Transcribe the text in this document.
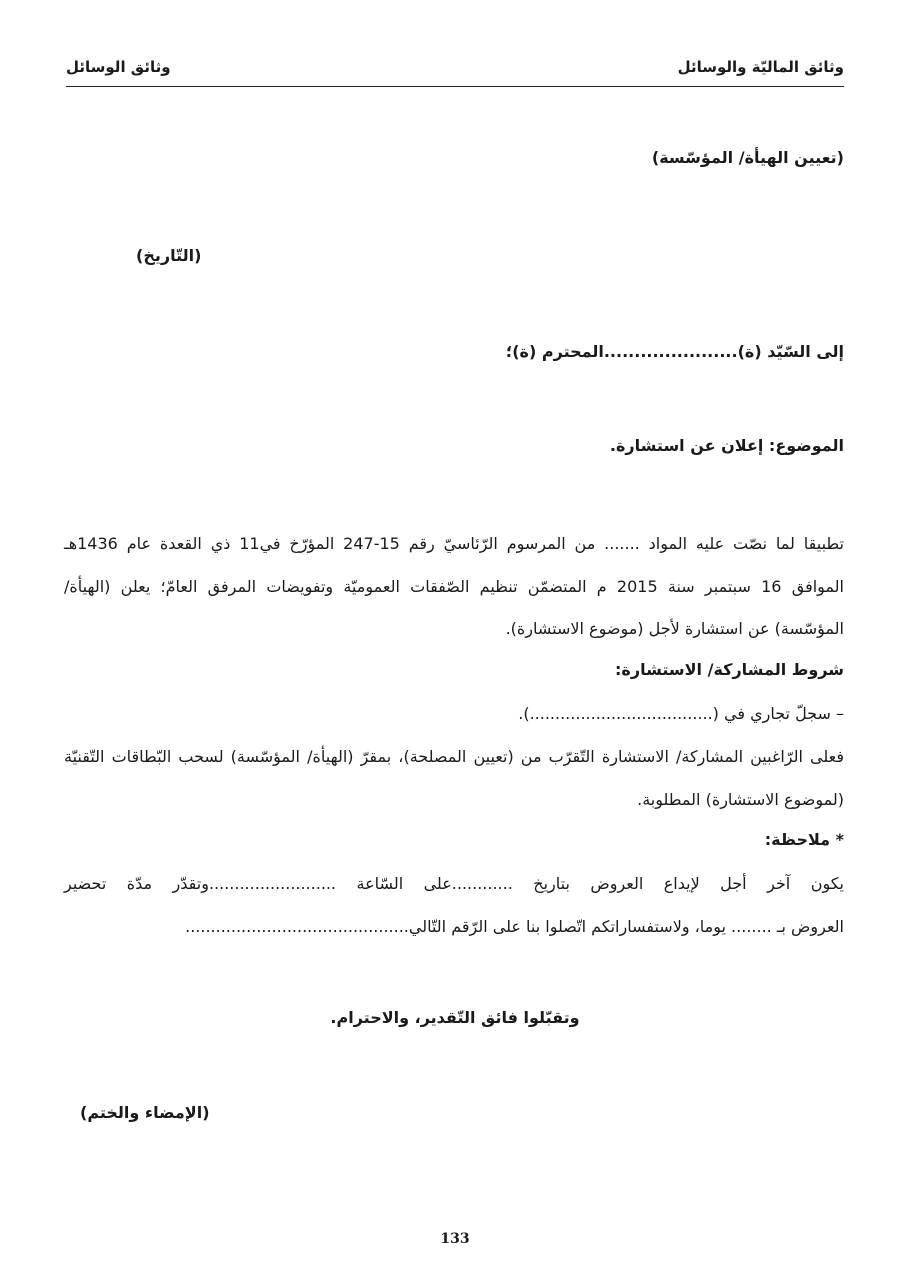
وثائق الماليّة والوسائل
وثائق الوسائل
(تعيين الهيأة/ المؤسّسة)
(التّاريخ)
إلى السّيّد (ة)......................المحترم (ة)؛
الموضوع: إعلان عن استشارة.
تطبيقا لما نصّت عليه المواد ....... من المرسوم الرّئاسيّ رقم 15-247 المؤرّخ في11 ذي القعدة عام 1436هـ
الموافق 16 سبتمبر سنة 2015 م المتضمّن تنظيم الصّفقات العموميّة وتفويضات المرفق العامّ؛ يعلن (الهيأة/
المؤسّسة) عن استشارة لأجل (موضوع الاستشارة).
شروط المشاركة/ الاستشارة:
– سجلّ تجاري في (....................................).
فعلى الرّاغبين المشاركة/ الاستشارة التّقرّب من (تعيين المصلحة)، بمقرّ (الهيأة/ المؤسّسة) لسحب البّطاقات التّقنيّة
(لموضوع الاستشارة) المطلوبة.
* ملاحظة:
يكون آخر أجل لإيداع العروض بتاريخ ............على السّاعة .........................وتقدّر مدّة تحضير
العروض بـ ........ يوما، ولاستفساراتكم اتّصلوا بنا على الرّقم التّالي............................................
وتقبّلوا فائق التّقدير، والاحترام.
(الإمضاء والختم)
133
